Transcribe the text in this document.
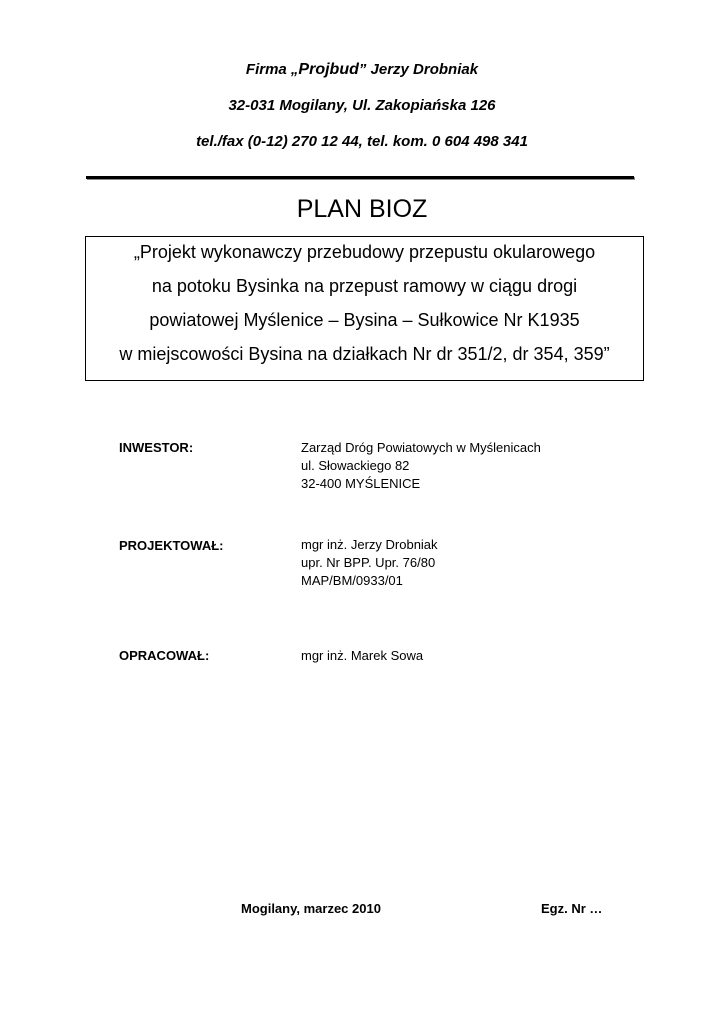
Firma „Projbud” Jerzy Drobniak
32-031 Mogilany, Ul. Zakopiańska 126
tel./fax (0-12) 270 12 44, tel. kom. 0 604 498 341
PLAN BIOZ
„Projekt wykonawczy przebudowy przepustu okularowego
na potoku Bysinka na przepust ramowy w ciągu drogi
powiatowej Myślenice – Bysina – Sułkowice Nr K1935
w miejscowości Bysina na działkach Nr dr 351/2, dr 354, 359”
INWESTOR:	Zarząd Dróg Powiatowych w Myślenicach
ul. Słowackiego 82
32-400 MYŚLENICE
PROJEKTOWAŁ:	mgr inż. Jerzy Drobniak
upr. Nr BPP. Upr. 76/80
MAP/BM/0933/01
OPRACOWAŁ:	mgr inż. Marek Sowa
Mogilany, marzec 2010	Egz. Nr …
